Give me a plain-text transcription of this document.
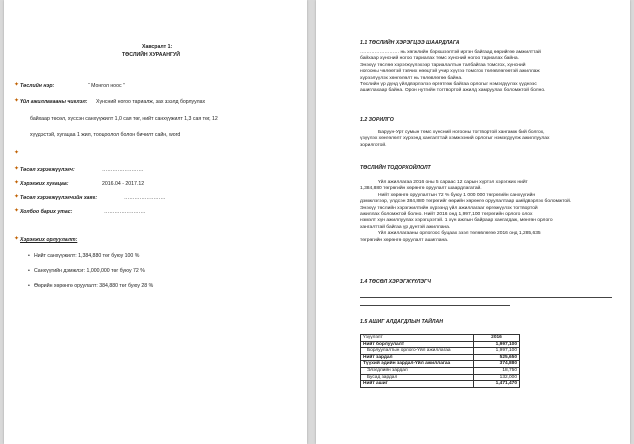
Хавсралт 1:
ТӨСЛИЙН ХУРААНГУЙ
✦ Төслийн нэр:	“ Монгол ноос ”
✦ Үйл ажиллагааны чиглэл: Хүнсний ногоо тариалж, зах зээлд борлуулах
байхаар төсөл, хүссэн санхүүжилт 1,0 сая төг, нийт санхүүжилт 1,3 сая төг, 12
хүүдэстэй, хугацаа 1 жил, тооцоолол болон бичилт сайн, word
✦
✦ Төсөл хэрэгжүүлэгч:	……………………
✦ Хэрэгжих хугацаа:	2016.04 - 2017.12
✦ Төсөл хэрэгжүүлэгчийн хаяг:	……………………
✦ Холбоо барих утас:	……………………
✦ Хэрэгжих орлуулалт:
• Нийт санхүүжилт: 1,384,880 төг буюу 100 %
• Санхүүгийн дэмжлэг: 1,000,000 төг буюу 72 %
• Өөрийн хөрөнгө оруулалт: 384,880 төг буюу 28 %
1.1 ТӨСЛИЙН ХЭРЭГЦЭЭ ШААРДЛАГА
…………………… нь хөгжлийн бэрхшээлтэй иргэн байгаад өөрийгөө амжилттай
байхаар хүнсний ногоо тариалах төмс хүнсний ногоо тариалах байна.
Энэхүү төслөө хэрэгжүүлэхээр тариалалтын талбайгаа томсгох, хүнсний
ногооны чөлөөтэй тэвчих нөөцтэй учир хүүгээ томсгох төлөвлөгөөтэй ажиллаж
хүрээлүүлэх хөнгөлөлт нь төлөвлөгөө байна.
Төслийн үр дүнд үйлдвэрлэлээ өргөтгөж байгаа орлогыг нэмэгдүүлэх үүднээс
ашиглахаар байна. Орон нутгийн тогтвортой ажилд хамруулах боломжтой болно.
1.2 ЗОРИЛГО
Баруун-Урт сумын төмс хүнсний ногооны тогтвортой хангамж бий болгох,
үзүүлэх хөнгөлөлт хүрээнд хангалттай хэмжээний орлогыг нэмэгдүүлж ажиллуулах
зорилготой.
ТӨСЛИЙН ТОДОРХОЙЛОЛТ
Үйл ажиллагаа 2016 оны 5 сараас 12 сарын хүртэл хэрэгжих нийт
1,384,880 төгрөгийн хөрөнгө оруулалт шаардлагатай.
Нийт хөрөнгө оруулалтын 72 % буюу 1 000 000 төгрөгийн санхүүгийн
дэмжлэгээр, үлдсэн 384,880 төгрөгийг өөрийн хөрөнгө оруулалтаар шийдвэрлэх боломжтой.
Энэхүү төслийн хэрэгжилтийн хүрээнд үйл ажиллагааг өргөжүүлэх тогтвортой
ажиллах боломжтой болно. Нийт 2016 онд 1,997,100 төгрөгийн орлого олох
нэмэлт хүн ажиллуулах хэрэгцээтэй. 1 хүн ажлын байраар хангагдаж, мөнгөн орлого
хангалттай байгаа үр дүнтэй ажиллана.
Үйл ажиллагааны орлогоос буцаах зээл төлөвлөгөө 2016 онд 1,285,635
төгрөгийн хөрөнгө оруулалт ашиглана.
1.4 ТӨСӨЛ ХЭРЭГЖҮҮЛЭГЧ
1.5 АШИГ АЛДАГДЛЫН ТАЙЛАН
Үзүүлэлт	2016
Нийт борлуулалт	1,997,100
Борлуулалтын орлого-Үйл ажиллагаа	1,997,100
Нийт зардал	525,650
Түүхий эдийн зардал-Үйл ажиллагаа	374,880
Элэгдлийн зардал	18,750
Бусад зардал	132,000
Нийт ашиг	1,471,470
